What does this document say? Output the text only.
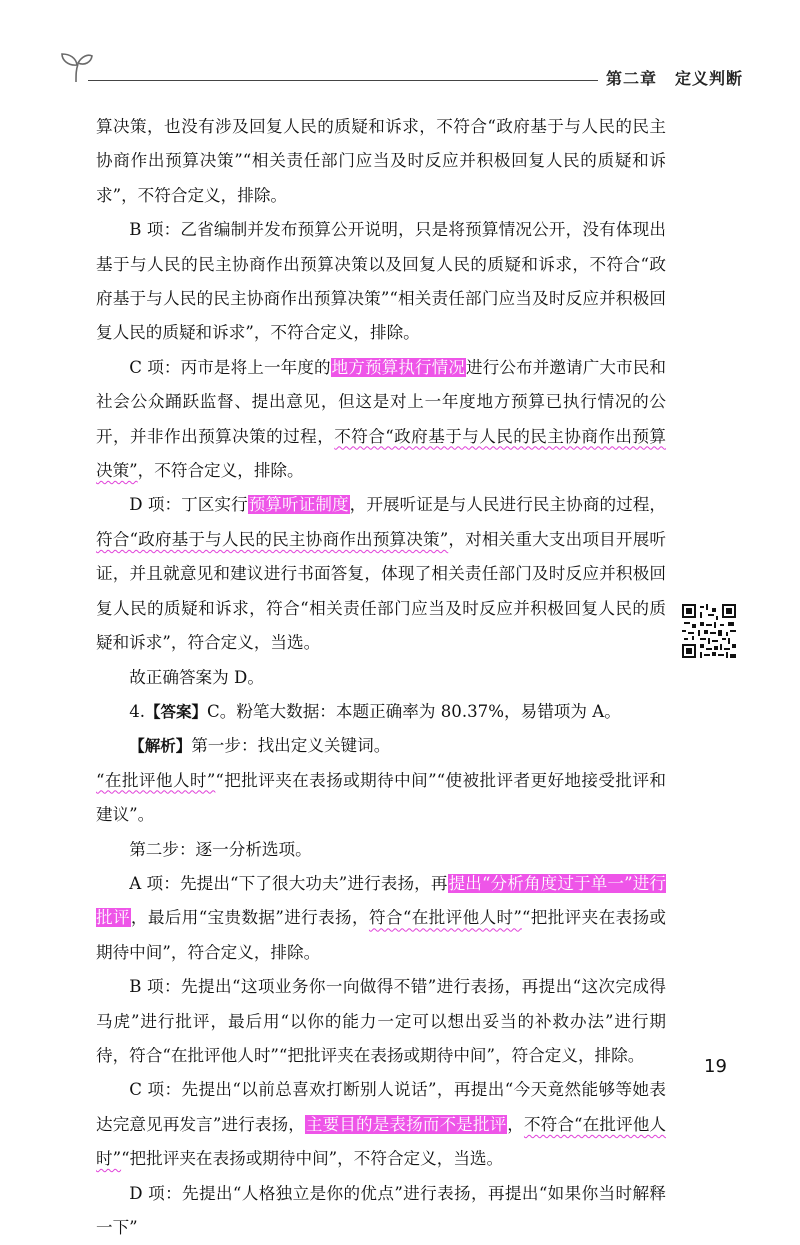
第二章 定义判断

算决策，也没有涉及回复人民的质疑和诉求，不符合“政府基于与人民的民主协商作出预算决策”“相关责任部门应当及时反应并积极回复人民的质疑和诉求”，不符合定义，排除。

B 项：乙省编制并发布预算公开说明，只是将预算情况公开，没有体现出基于与人民的民主协商作出预算决策以及回复人民的质疑和诉求，不符合“政府基于与人民的民主协商作出预算决策”“相关责任部门应当及时反应并积极回复人民的质疑和诉求”，不符合定义，排除。

C 项：丙市是将上一年度的地方预算执行情况进行公布并邀请广大市民和社会公众踊跃监督、提出意见，但这是对上一年度地方预算已执行情况的公开，并非作出预算决策的过程，不符合“政府基于与人民的民主协商作出预算决策”，不符合定义，排除。

D 项：丁区实行预算听证制度，开展听证是与人民进行民主协商的过程，符合“政府基于与人民的民主协商作出预算决策”，对相关重大支出项目开展听证，并且就意见和建议进行书面答复，体现了相关责任部门及时反应并积极回复人民的质疑和诉求，符合“相关责任部门应当及时反应并积极回复人民的质疑和诉求”，符合定义，当选。

故正确答案为 D。

4.【答案】C。粉笔大数据：本题正确率为 80.37%，易错项为 A。

【解析】第一步：找出定义关键词。

“在批评他人时”“把批评夹在表扬或期待中间”“使被批评者更好地接受批评和建议”。

第二步：逐一分析选项。

A 项：先提出“下了很大功夫”进行表扬，再提出“分析角度过于单一”进行批评，最后用“宝贵数据”进行表扬，符合“在批评他人时”“把批评夹在表扬或期待中间”，符合定义，排除。

B 项：先提出“这项业务你一向做得不错”进行表扬，再提出“这次完成得马虎”进行批评，最后用“以你的能力一定可以想出妥当的补救办法”进行期待，符合“在批评他人时”“把批评夹在表扬或期待中间”，符合定义，排除。

C 项：先提出“以前总喜欢打断别人说话”，再提出“今天竟然能够等她表达完意见再发言”进行表扬，主要目的是表扬而不是批评，不符合“在批评他人时”“把批评夹在表扬或期待中间”，不符合定义，当选。

D 项：先提出“人格独立是你的优点”进行表扬，再提出“如果你当时解释一下”

19
